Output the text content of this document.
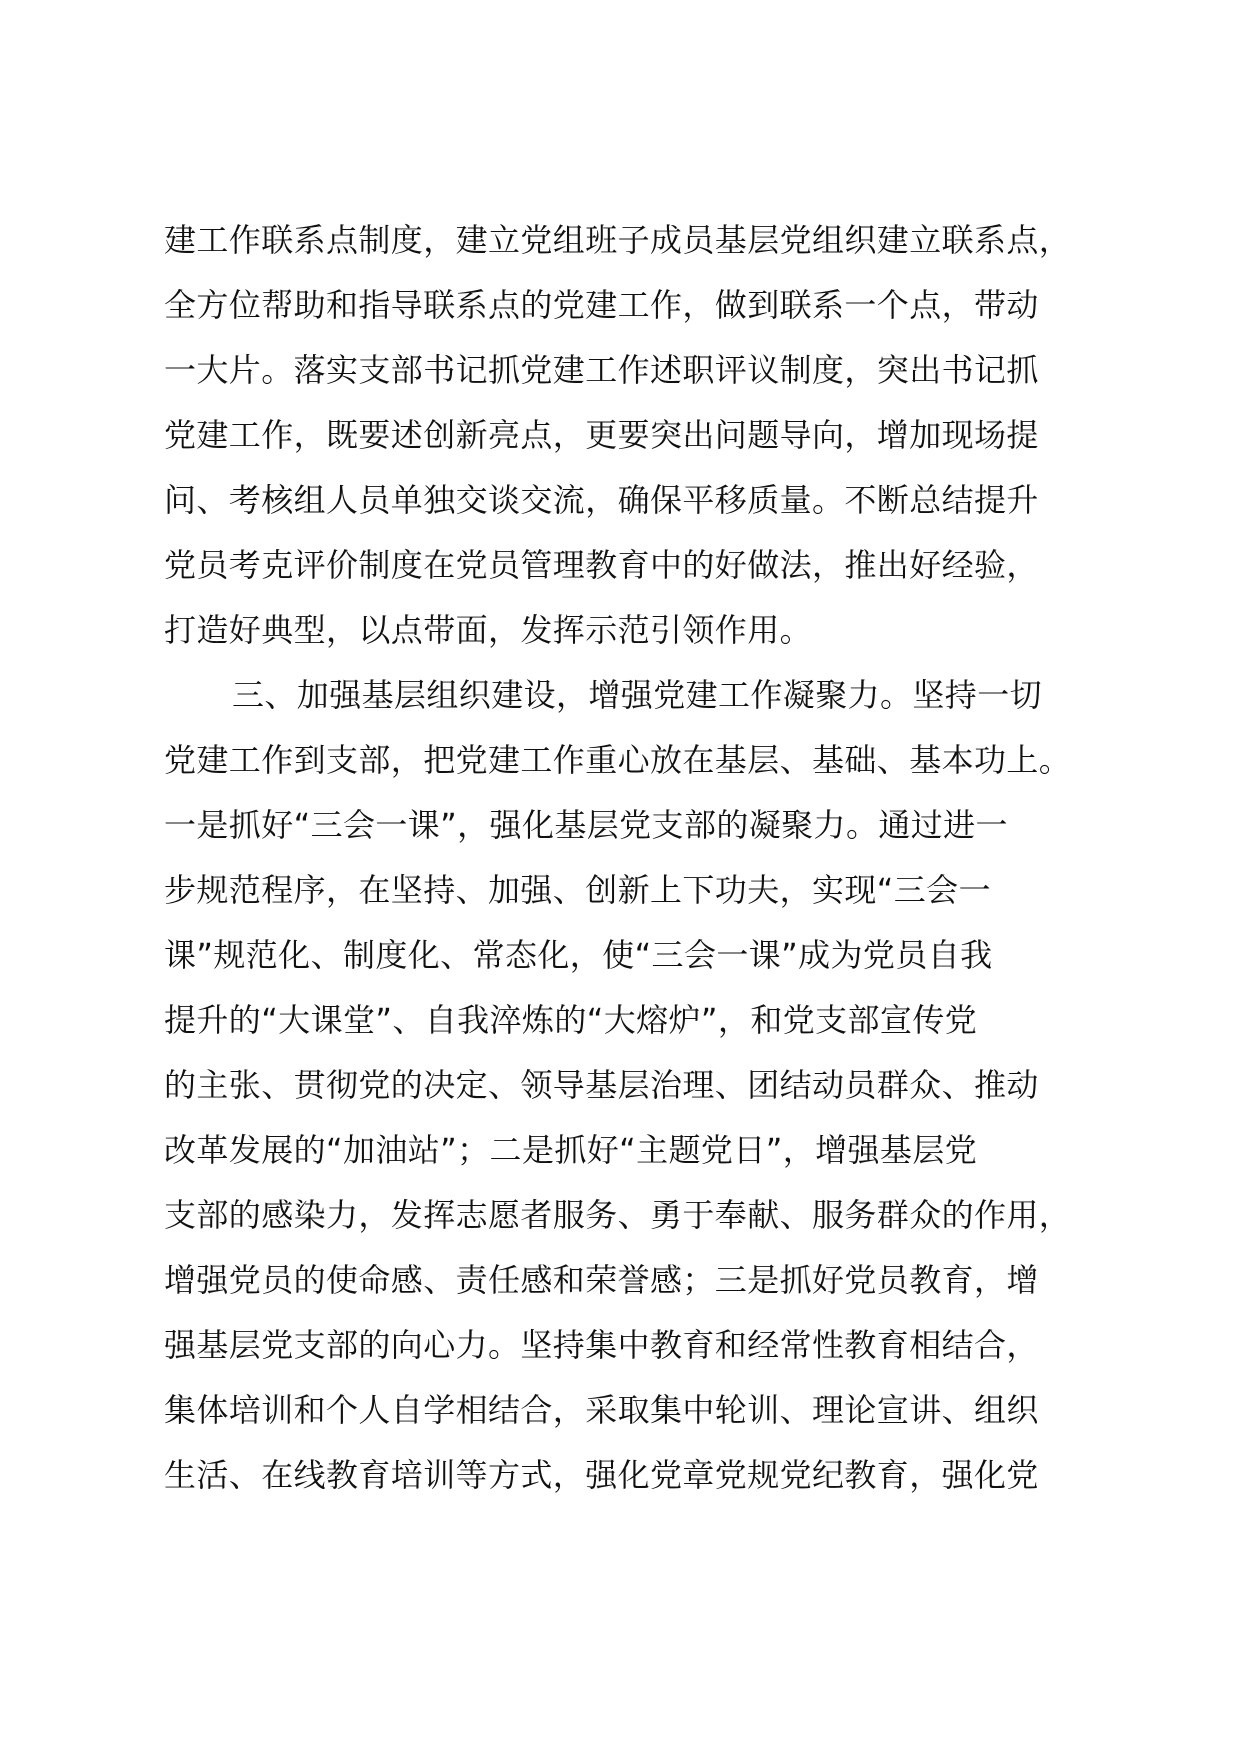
建工作联系点制度，建立党组班子成员基层党组织建立联系点，
全方位帮助和指导联系点的党建工作，做到联系一个点，带动
一大片。落实支部书记抓党建工作述职评议制度，突出书记抓
党建工作，既要述创新亮点，更要突出问题导向，增加现场提
问、考核组人员单独交谈交流，确保平移质量。不断总结提升
党员考克评价制度在党员管理教育中的好做法，推出好经验，
打造好典型，以点带面，发挥示范引领作用。
三、加强基层组织建设，增强党建工作凝聚力。坚持一切
党建工作到支部，把党建工作重心放在基层、基础、基本功上。
一是抓好“三会一课”，强化基层党支部的凝聚力。通过进一
步规范程序，在坚持、加强、创新上下功夫，实现“三会一
课”规范化、制度化、常态化，使“三会一课”成为党员自我
提升的“大课堂”、自我淬炼的“大熔炉”，和党支部宣传党
的主张、贯彻党的决定、领导基层治理、团结动员群众、推动
改革发展的“加油站”；二是抓好“主题党日”，增强基层党
支部的感染力，发挥志愿者服务、勇于奉献、服务群众的作用，
增强党员的使命感、责任感和荣誉感；三是抓好党员教育，增
强基层党支部的向心力。坚持集中教育和经常性教育相结合，
集体培训和个人自学相结合，采取集中轮训、理论宣讲、组织
生活、在线教育培训等方式，强化党章党规党纪教育，强化党
